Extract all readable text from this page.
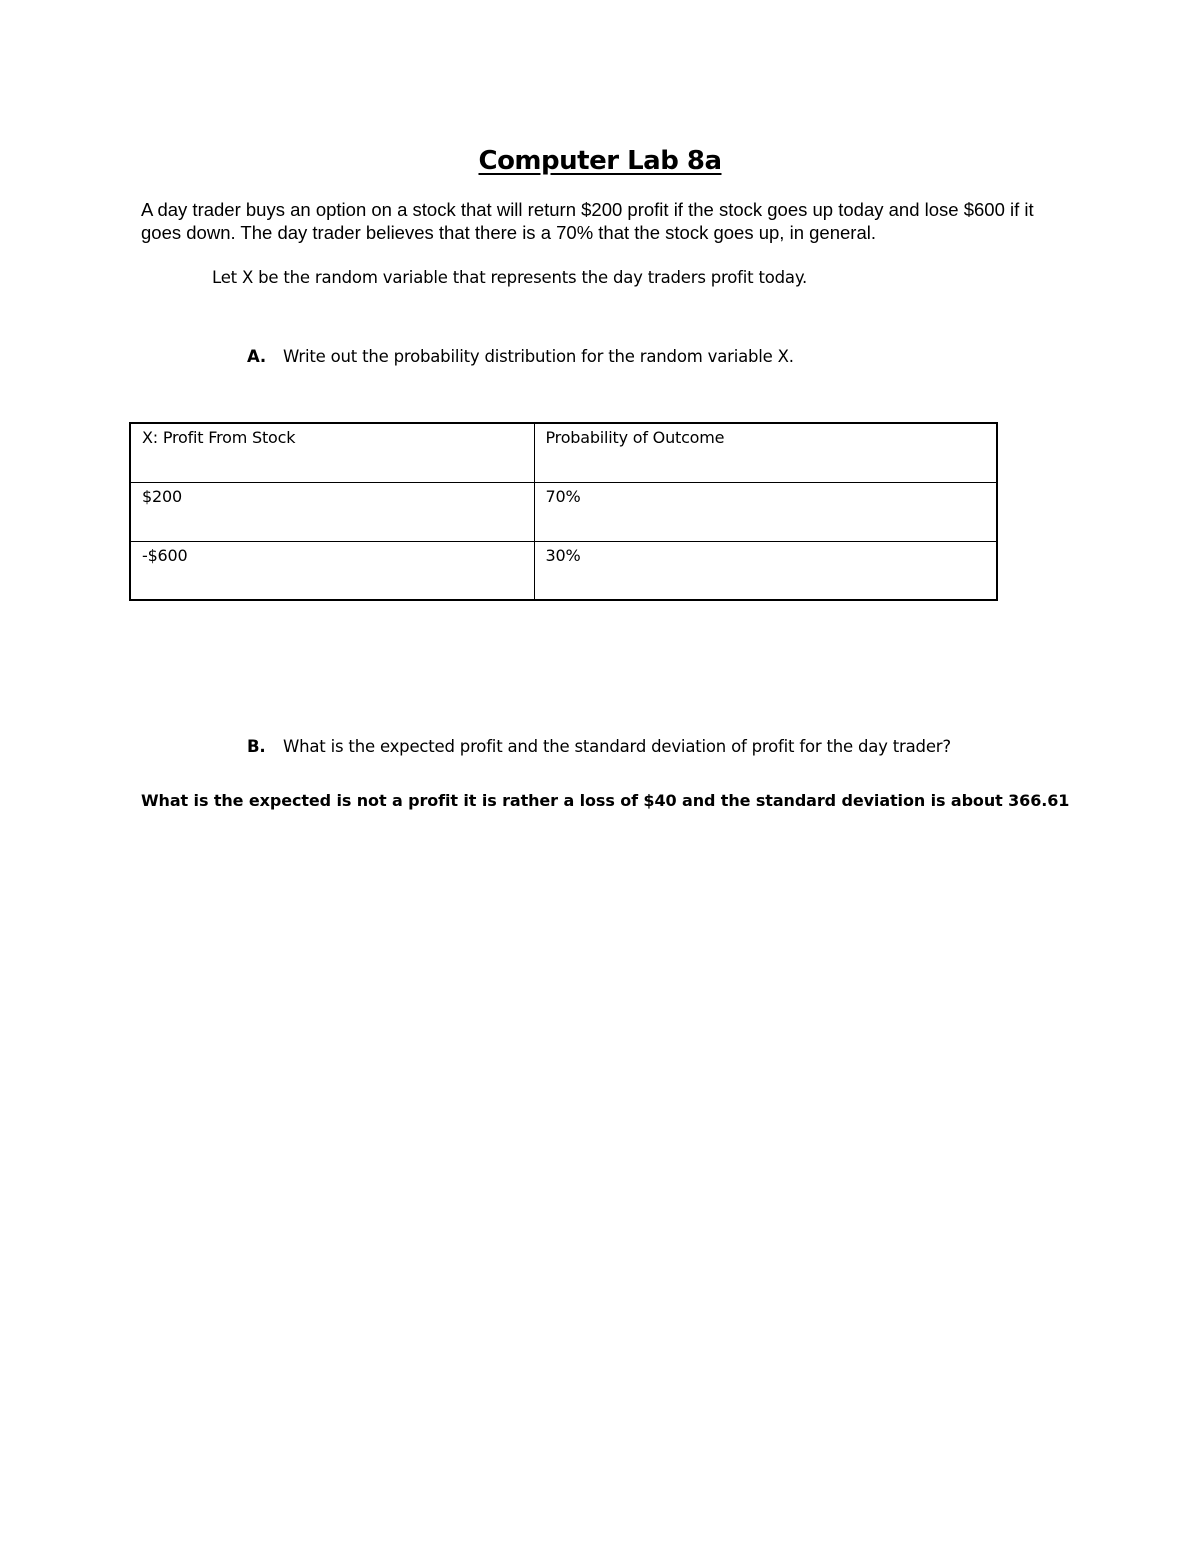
Computer Lab 8a

A day trader buys an option on a stock that will return $200 profit if the stock goes up today and lose $600 if it goes down. The day trader believes that there is a 70% that the stock goes up, in general.

Let X be the random variable that represents the day traders profit today.

A. Write out the probability distribution for the random variable X.

X: Profit From Stock	Probability of Outcome
$200	70%
-$600	30%

B. What is the expected profit and the standard deviation of profit for the day trader?

What is the expected is not a profit it is rather a loss of $40 and the standard deviation is about 366.61
